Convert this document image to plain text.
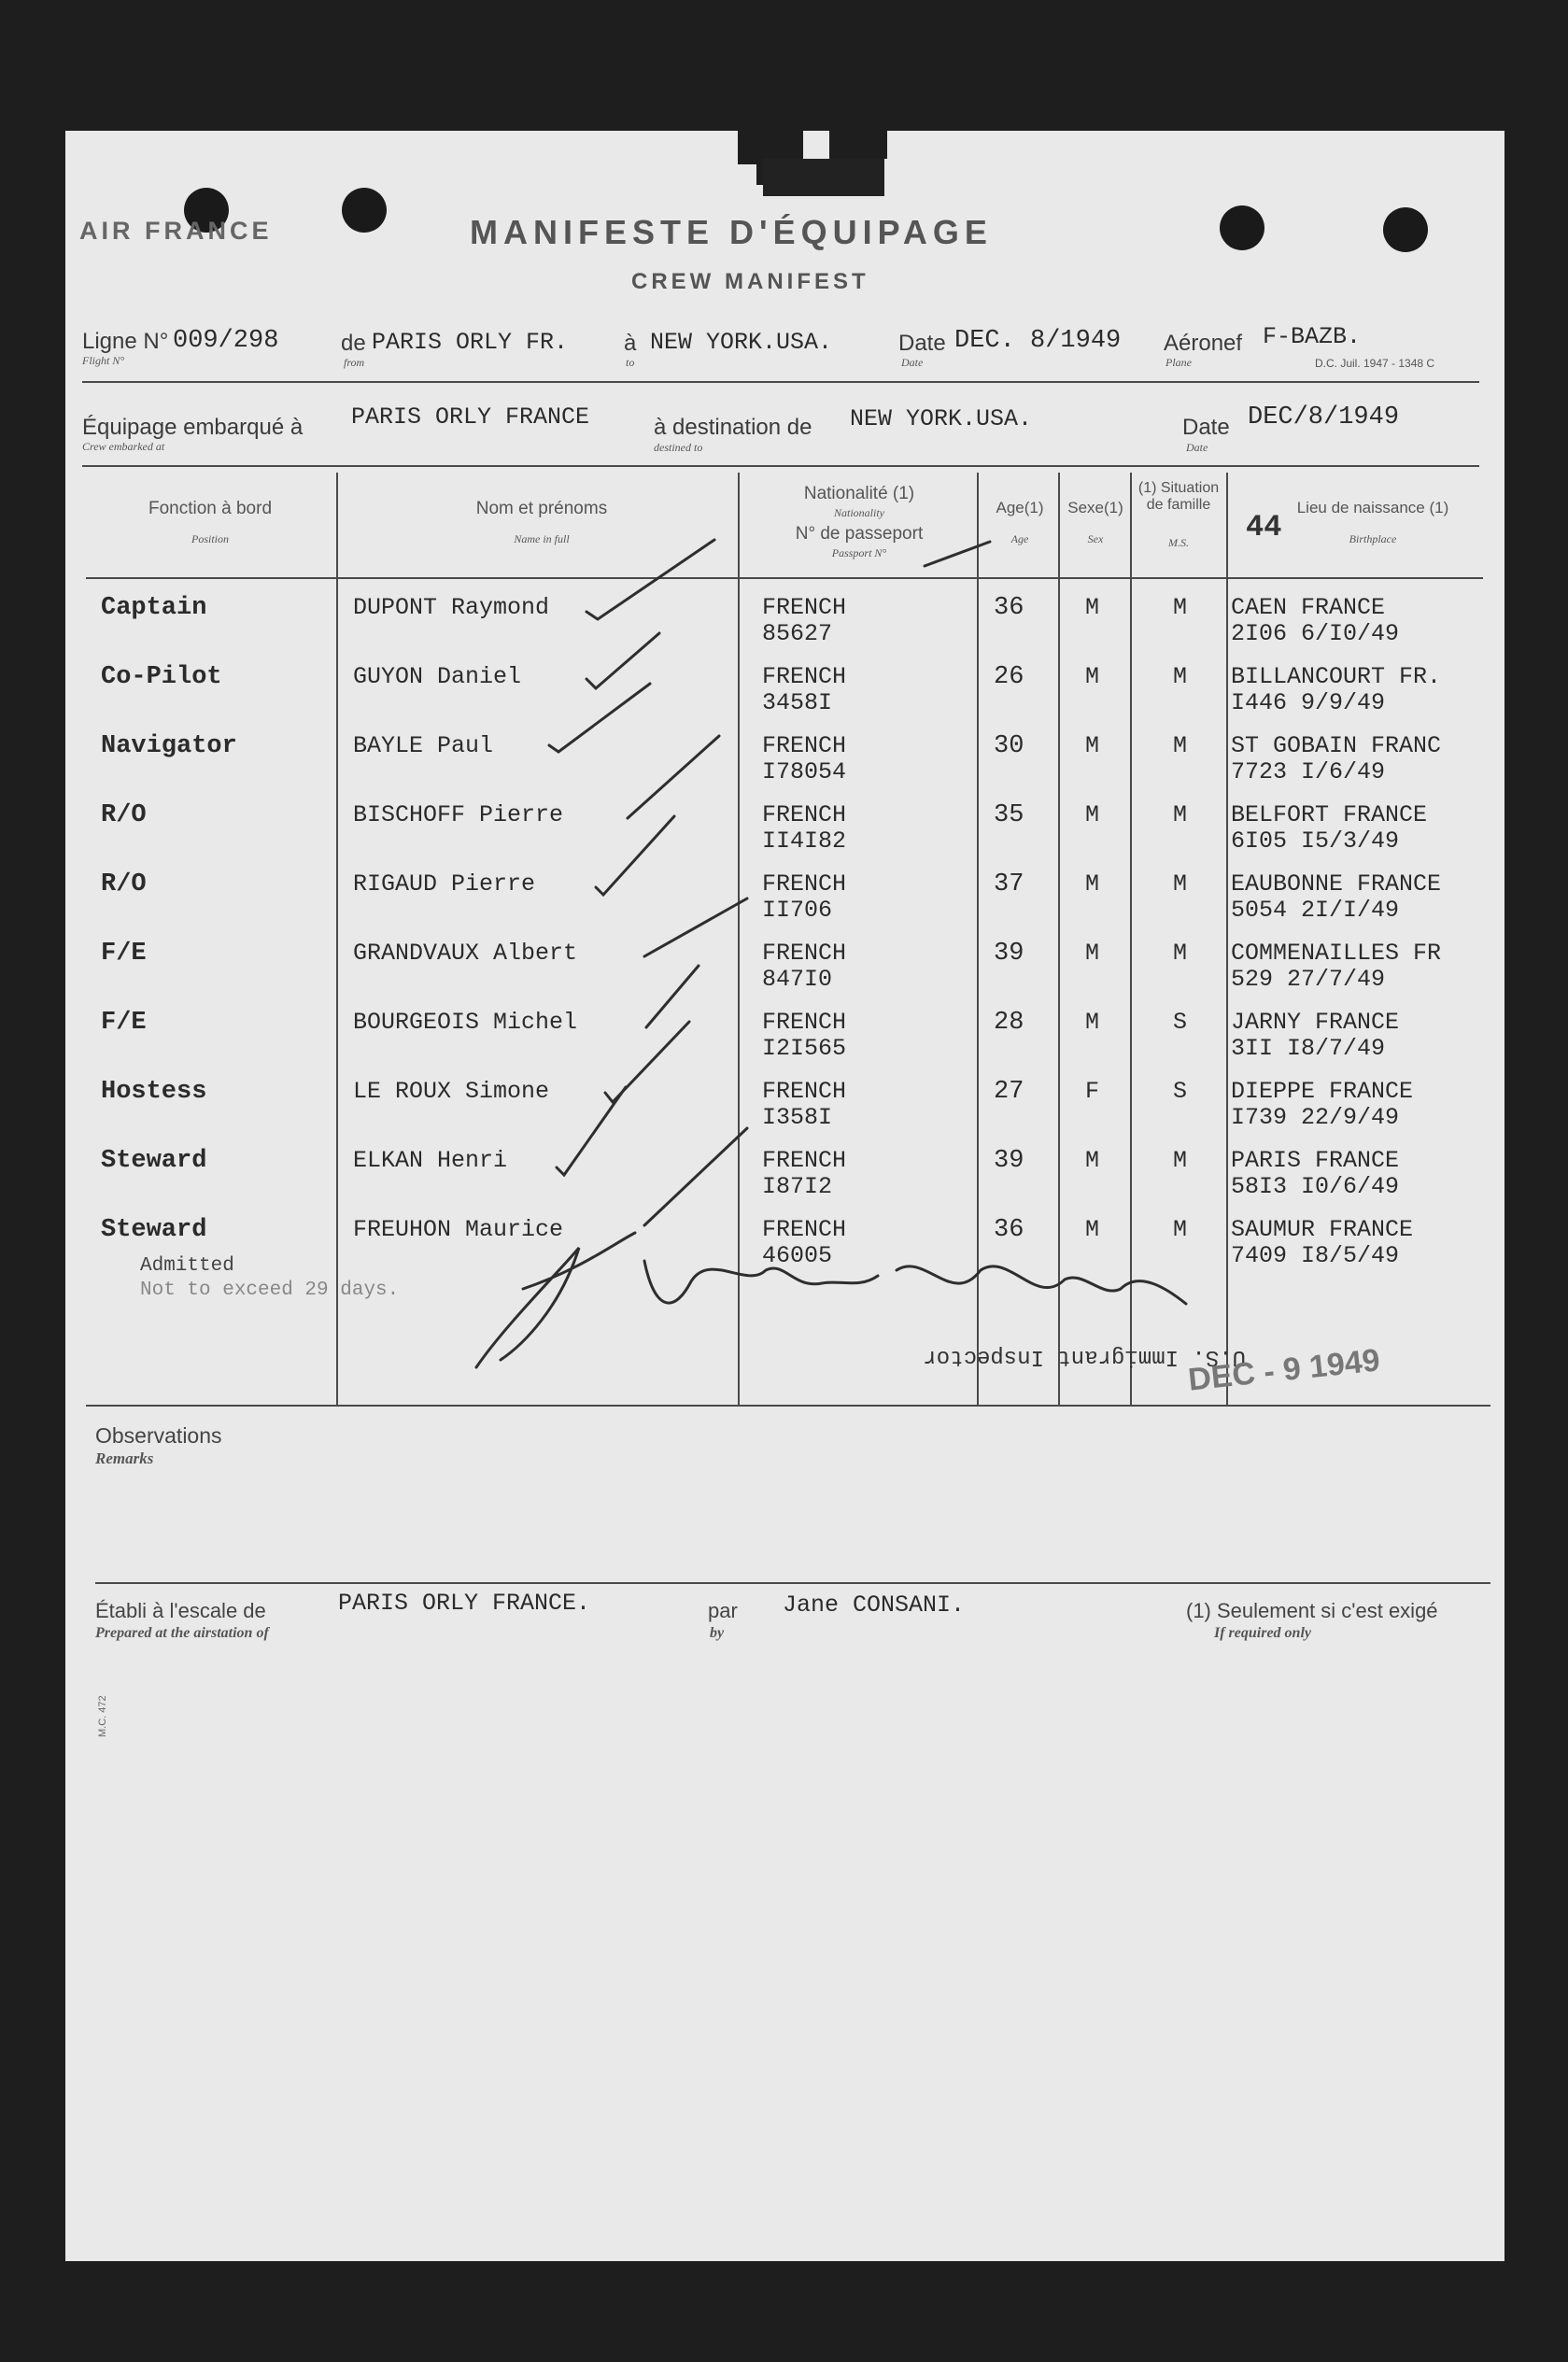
AIR FRANCE	MANIFESTE D'ÉQUIPAGE
CREW MANIFEST
Ligne N°
Flight N°
009/298	de
from
PARIS ORLY FR. à
to
NEW YORK.USA.	Date
Date
DEC. 8/1949 Aéronef
Plane
F-BAZB.
D.C. Juil. 1947 - 1348 C
Équipage embarqué à
Crew embarked at
PARIS ORLY FRANCE	à destination de
destined to
NEW YORK.USA.	Date
Date
DEC/8/1949
Fonction à bord
Position
Nom et prénoms
Name in full
Nationalité (1)
Nationality
N° de passeport
Passport N°
Age(1)
Age
Sexe(1)
Sex
(1) Situation de famille
M.S.
Lieu de naissance (1)
Birthplace
44
Captain	DUPONT Raymond	FRENCH	36	M	M CAEN FRANCE
85627	2I06 6/I0/49
Co-Pilot	GUYON Daniel	FRENCH	26	M	M BILLANCOURT FR.
3458I	I446 9/9/49
Navigator	BAYLE Paul	FRENCH	30	M	M ST GOBAIN FRANC
I78054	7723 I/6/49
R/O	BISCHOFF Pierre	FRENCH	35	M	M BELFORT FRANCE
II4I82	6I05 I5/3/49
R/O	RIGAUD Pierre	FRENCH	37	M	M EAUBONNE FRANCE
II706	5054 2I/I/49
F/E	GRANDVAUX Albert	FRENCH	39	M	M COMMENAILLES FR
847I0	529 27/7/49
F/E	BOURGEOIS Michel	FRENCH	28	M	S JARNY FRANCE
I2I565	3II I8/7/49
Hostess	LE ROUX Simone	FRENCH	27	F	S DIEPPE FRANCE
I358I	I739 22/9/49
Steward	ELKAN Henri	FRENCH	39	M	M PARIS FRANCE
I87I2	58I3 I0/6/49
Steward	FREUHON Maurice	FRENCH	36	M	M SAUMUR FRANCE
46005	7409 I8/5/49
Admitted
Not to exceed 29 days.
U.S. Immigrant Inspector
DEC - 9 1949
Observations
Remarks
Établi à l'escale de
Prepared at the airstation of
PARIS ORLY FRANCE.	par
by
Jane CONSANI.	(1) Seulement si c'est exigé
If required only
M.C. 472
